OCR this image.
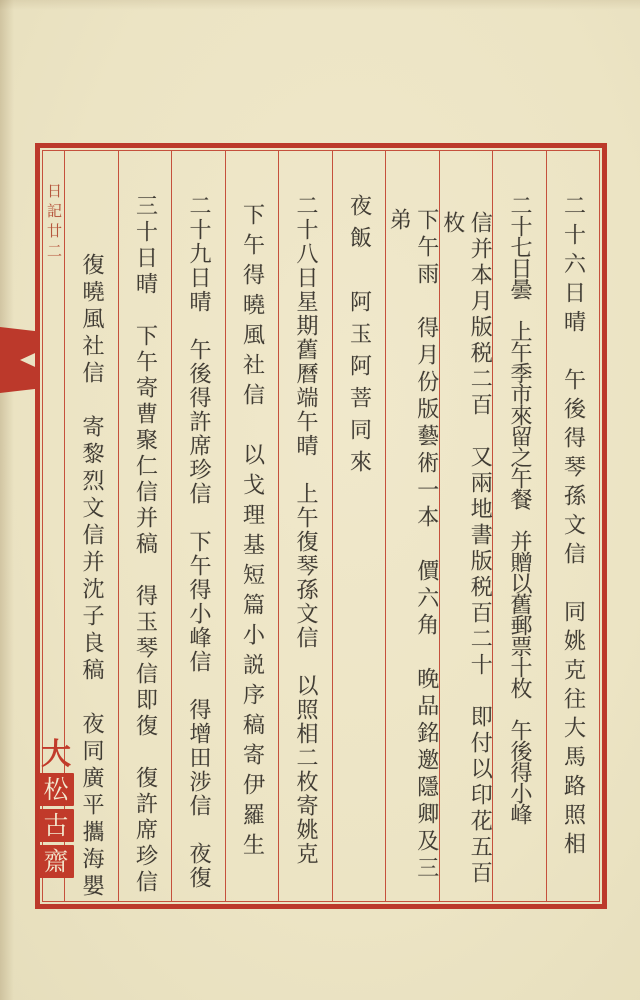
二十六日晴　午後得琴孫文信　同姚克往大馬路照相
二十七日曇　上午季市來留之午餐　并贈以舊郵票十枚　午後得小峰
信并本月版税二百　又兩地書版税百二十　即付以印花五百枚
下午雨　得月份版藝術一本　價六角　晚品銘邀隱卿及三弟
夜飯　阿玉阿菩同來
二十八日星期舊曆端午晴　上午復琴孫文信　以照相二枚寄姚克
下午得曉風社信　以戈理基短篇小説序稿寄伊羅生
二十九日晴　午後得許席珍信　下午得小峰信　得增田涉信　夜復
三十日晴　下午寄曹聚仁信并稿　得玉琴信即復　復許席珍信
復曉風社信　寄黎烈文信并沈子良稿　夜同廣平攜海嬰
日記廿二
大
松
古
齋
